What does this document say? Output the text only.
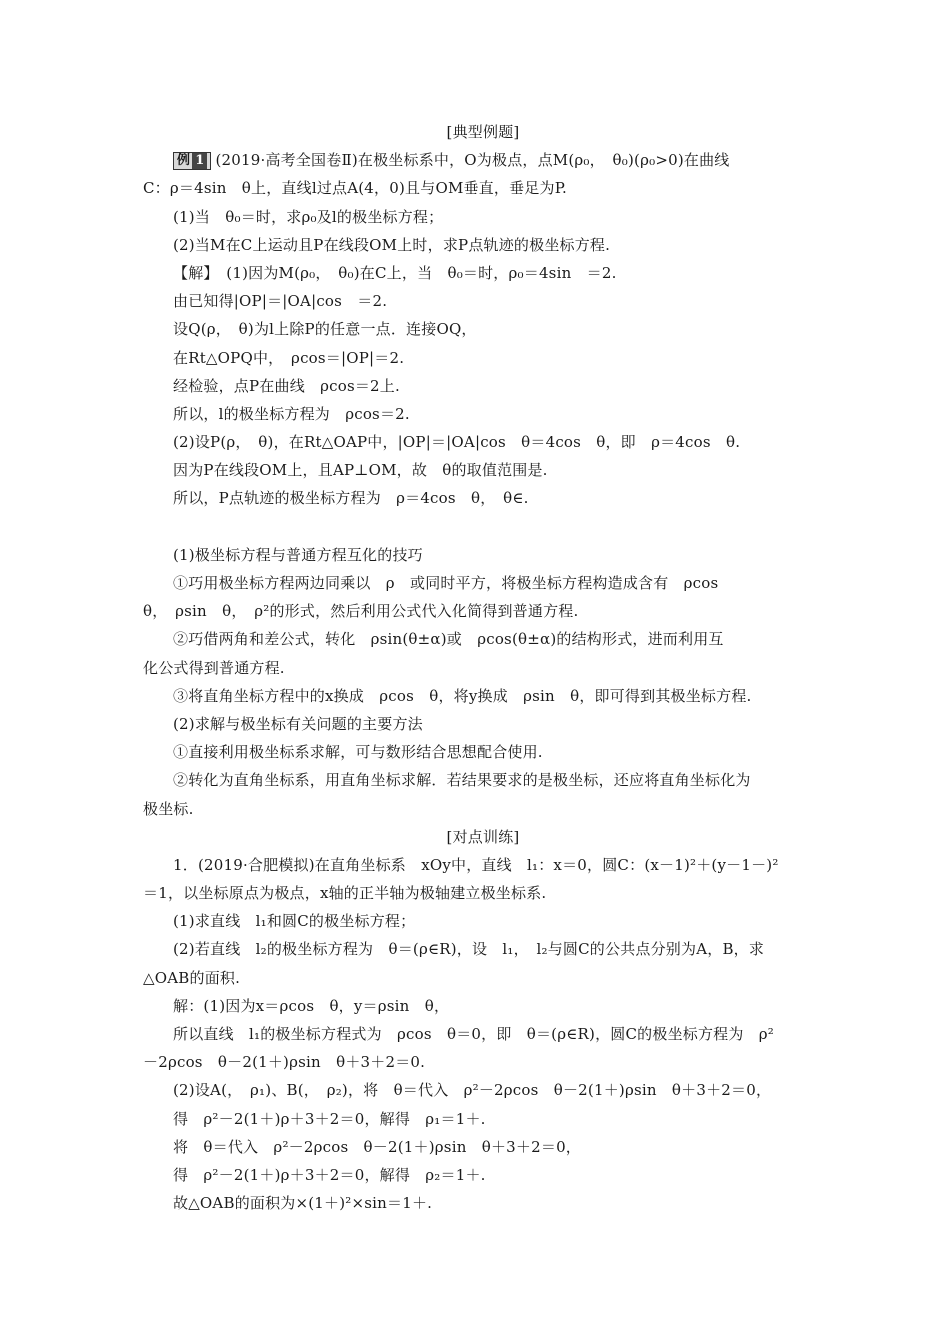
[典型例题]
例 1 (2019·高考全国卷Ⅱ)在极坐标系中，O为极点，点M(ρ₀，　θ₀)(ρ₀>0)在曲线
C：ρ＝4sin　θ上，直线l过点A(4，0)且与OM垂直，垂足为P.
(1)当　θ₀＝时，求ρ₀及l的极坐标方程；
(2)当M在C上运动且P在线段OM上时，求P点轨迹的极坐标方程.
【解】　(1)因为M(ρ₀，　θ₀)在C上，当　θ₀＝时，ρ₀＝4sin　＝2.
由已知得|OP|＝|OA|cos　＝2.
设Q(ρ，　θ)为l上除P的任意一点．连接OQ，
在Rt△OPQ中，　ρcos＝|OP|＝2.
经检验，点P在曲线　ρcos＝2上.
所以，l的极坐标方程为　ρcos＝2.
(2)设P(ρ，　θ)，在Rt△OAP中，|OP|＝|OA|cos　θ＝4cos　θ，即　ρ＝4cos　θ.
因为P在线段OM上，且AP⊥OM，故　θ的取值范围是.
所以，P点轨迹的极坐标方程为　ρ＝4cos　θ，　θ∈.
(1)极坐标方程与普通方程互化的技巧
①巧用极坐标方程两边同乘以　ρ　或同时平方，将极坐标方程构造成含有　ρcos
θ，　ρsin　θ，　ρ²的形式，然后利用公式代入化简得到普通方程.
②巧借两角和差公式，转化　ρsin(θ±α)或　ρcos(θ±α)的结构形式，进而利用互
化公式得到普通方程.
③将直角坐标方程中的x换成　ρcos　θ，将y换成　ρsin　θ，即可得到其极坐标方程.
(2)求解与极坐标有关问题的主要方法
①直接利用极坐标系求解，可与数形结合思想配合使用.
②转化为直角坐标系，用直角坐标求解．若结果要求的是极坐标，还应将直角坐标化为
极坐标.
[对点训练]
1．(2019·合肥模拟)在直角坐标系　xOy中，直线　l₁：x＝0，圆C：(x－1)²＋(y－1－)²
＝1，以坐标原点为极点，x轴的正半轴为极轴建立极坐标系.
(1)求直线　l₁和圆C的极坐标方程；
(2)若直线　l₂的极坐标方程为　θ＝(ρ∈R)，设　l₁，　l₂与圆C的公共点分别为A，B，求
△OAB的面积.
解：(1)因为x＝ρcos　θ，y＝ρsin　θ，
所以直线　l₁的极坐标方程式为　ρcos　θ＝0，即　θ＝(ρ∈R)，圆C的极坐标方程为　ρ²
－2ρcos　θ－2(1＋)ρsin　θ＋3＋2＝0.
(2)设A(，　ρ₁)、B(，　ρ₂)，将　θ＝代入　ρ²－2ρcos　θ－2(1＋)ρsin　θ＋3＋2＝0，
得　ρ²－2(1＋)ρ＋3＋2＝0，解得　ρ₁＝1＋.
将　θ＝代入　ρ²－2ρcos　θ－2(1＋)ρsin　θ＋3＋2＝0，
得　ρ²－2(1＋)ρ＋3＋2＝0，解得　ρ₂＝1＋.
故△OAB的面积为×(1＋)²×sin＝1＋.
